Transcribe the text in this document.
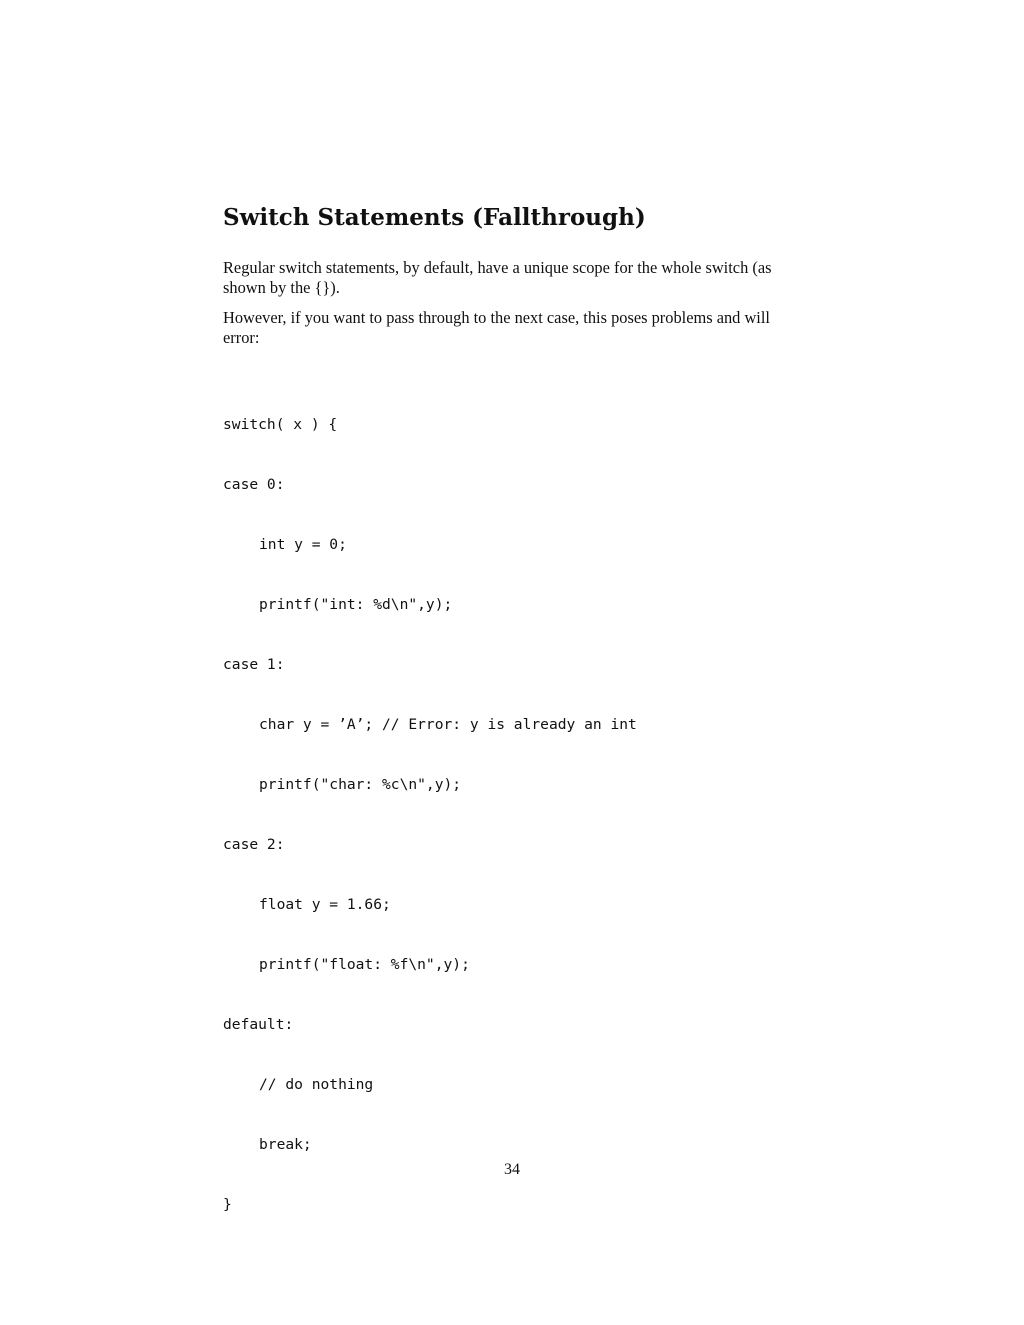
Switch Statements (Fallthrough)

Regular switch statements, by default, have a unique scope for the whole switch (as shown by the {}).

However, if you want to pass through to the next case, this poses problems and will error:

switch( x ) {

case 0:

int y = 0;

printf("int: %d\n",y);

case 1:

char y = ’A’; // Error: y is already an int

printf("char: %c\n",y);

case 2:

float y = 1.66;

printf("float: %f\n",y);

default:

// do nothing

break;

}

34
